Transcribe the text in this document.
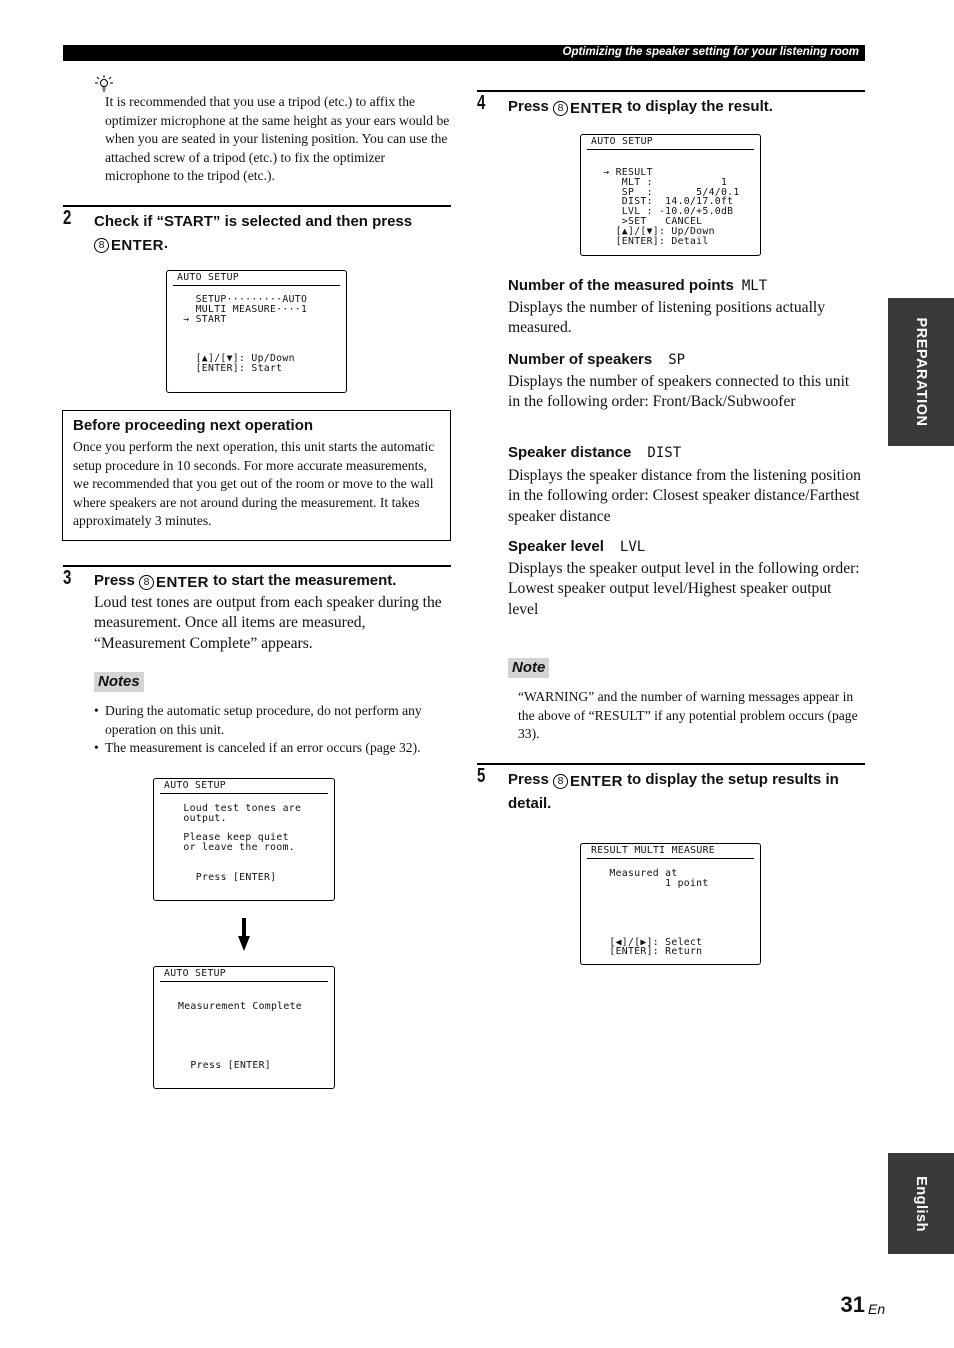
Optimizing the speaker setting for your listening room
PREPARATION
English

It is recommended that you use a tripod (etc.) to affix the optimizer microphone at the same height as your ears would be when you are seated in your listening position. You can use the attached screw of a tripod (etc.) to fix the optimizer microphone to the tripod (etc.).

2 Check if “START” is selected and then press
8 ENTER .
AUTO SETUP
SETUP·········AUTO
MULTI MEASURE····1
→ START

[▲]/[▼]: Up/Down
[ENTER]: Start
Before proceeding next operation

Once you perform the next operation, this unit starts the automatic setup procedure in 10 seconds. For more accurate measurements, we recommended that you get out of the room or move to the wall where speakers are not around during the measurement. It takes approximately 3 minutes.

3 Press 8 ENTER to start the measurement.

Loud test tones are output from each speaker during the measurement. Once all items are measured, “Measurement Complete” appears.

Notes
• During the automatic setup procedure, do not perform any operation on this unit.
• The measurement is canceled if an error occurs (page 32).
AUTO SETUP
Loud test tones are
output.

Please keep quiet
or leave the room.

Press [ENTER]
AUTO SETUP
Measurement Complete

Press [ENTER]
4 Press 8 ENTER to display the result.
AUTO SETUP
→ RESULT
MLT :           1
SP  :       5/4/0.1
DIST:  14.0/17.0ft
LVL : -10.0/+5.0dB
>SET   CANCEL
[▲]/[▼]: Up/Down
[ENTER]: Detail
Number of the measured points MLT

Displays the number of listening positions actually measured.

Number of speakers SP

Displays the number of speakers connected to this unit in the following order: Front/Back/Subwoofer

Speaker distance DIST

Displays the speaker distance from the listening position in the following order: Closest speaker distance/Farthest speaker distance

Speaker level LVL

Displays the speaker output level in the following order: Lowest speaker output level/Highest speaker output level

Note

“WARNING” and the number of warning messages appear in the above of “RESULT” if any potential problem occurs (page 33).

5 Press 8 ENTER to display the setup results in detail.
RESULT MULTI MEASURE
Measured at
1 point

[◀]/[▶]: Select
[ENTER]: Return
31 En
